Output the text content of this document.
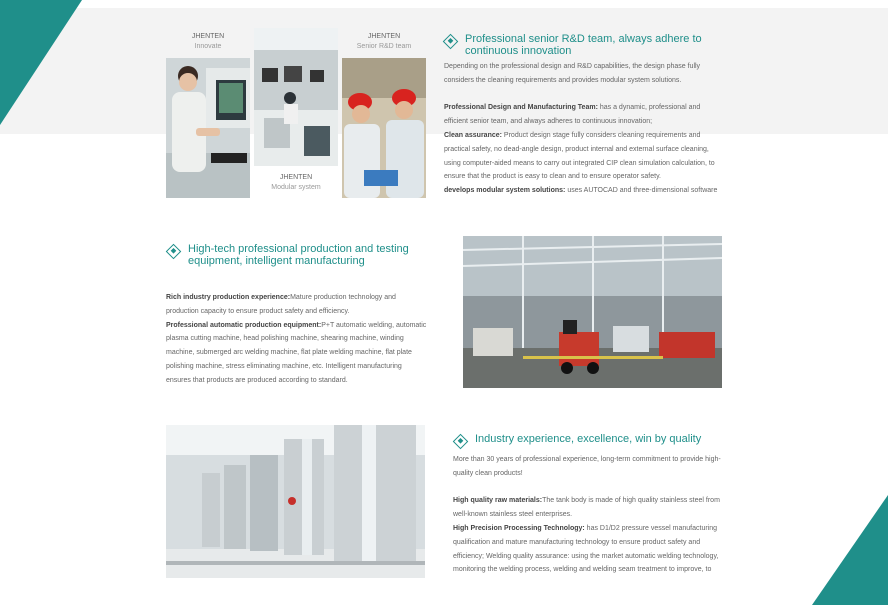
JHENTEN
Innovate
JHENTEN
Senior R&D team
JHENTEN
Modular system
Professional senior R&D team, always adhere to continuous innovation

Depending on the professional design and R&D capabilities, the design phase fully considers the cleaning requirements and provides modular system solutions.

Professional Design and Manufacturing Team: has a dynamic, professional and efficient senior team, and always adheres to continuous innovation;

Clean assurance: Product design stage fully considers cleaning requirements and practical safety, no dead-angle design, product internal and external surface cleaning, using computer-aided means to carry out integrated CIP clean simulation calculation, to ensure that the product is easy to clean and to ensure operator safety.

develops modular system solutions: uses AUTOCAD and three-dimensional software

High-tech professional production and testing equipment, intelligent manufacturing

Rich industry production experience:Mature production technology and production capacity to ensure product safety and efficiency.

Professional automatic production equipment:P+T automatic welding, automatic plasma cutting machine, head polishing machine, shearing machine, winding machine, submerged arc welding machine, flat plate welding machine, flat plate polishing machine, stress eliminating machine, etc. Intelligent manufacturing ensures that products are produced according to standard.

Industry experience, excellence, win by quality

More than 30 years of professional experience, long-term commitment to provide high-quality clean products!

High quality raw materials:The tank body is made of high quality stainless steel from well-known stainless steel enterprises.

High Precision Processing Technology: has D1/D2 pressure vessel manufacturing qualification and mature manufacturing technology to ensure product safety and efficiency; Welding quality assurance: using the market automatic welding technology, monitoring the welding process, welding and welding seam treatment to improve, to
